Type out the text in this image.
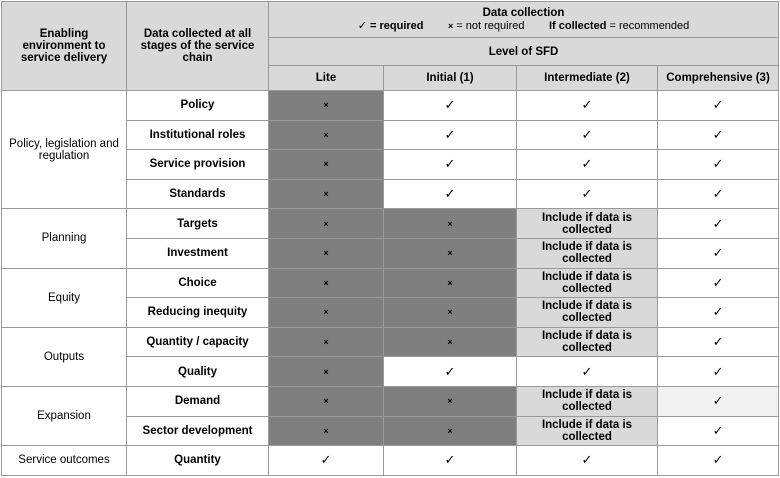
Enabling environment to service delivery	Data collected at all stages of the service chain	Data collection
✓ = required × = not required If collected = recommended			

		Level of SFD			
		Lite	Initial (1)	Intermediate (2)	Comprehensive (3)
Policy, legislation and regulation	Policy	×	✓	✓	✓
	Institutional roles	×	✓	✓	✓
	Service provision	×	✓	✓	✓
	Standards	×	✓	✓	✓
Planning	Targets	×	×	Include if data is collected	✓
	Investment	×	×	Include if data is collected	✓
Equity	Choice	×	×	Include if data is collected	✓
	Reducing inequity	×	×	Include if data is collected	✓
Outputs	Quantity / capacity	×	×	Include if data is collected	✓
	Quality	×	✓	✓	✓
Expansion	Demand	×	×	Include if data is collected	✓
	Sector development	×	×	Include if data is collected	✓
Service outcomes	Quantity	✓	✓	✓	✓
